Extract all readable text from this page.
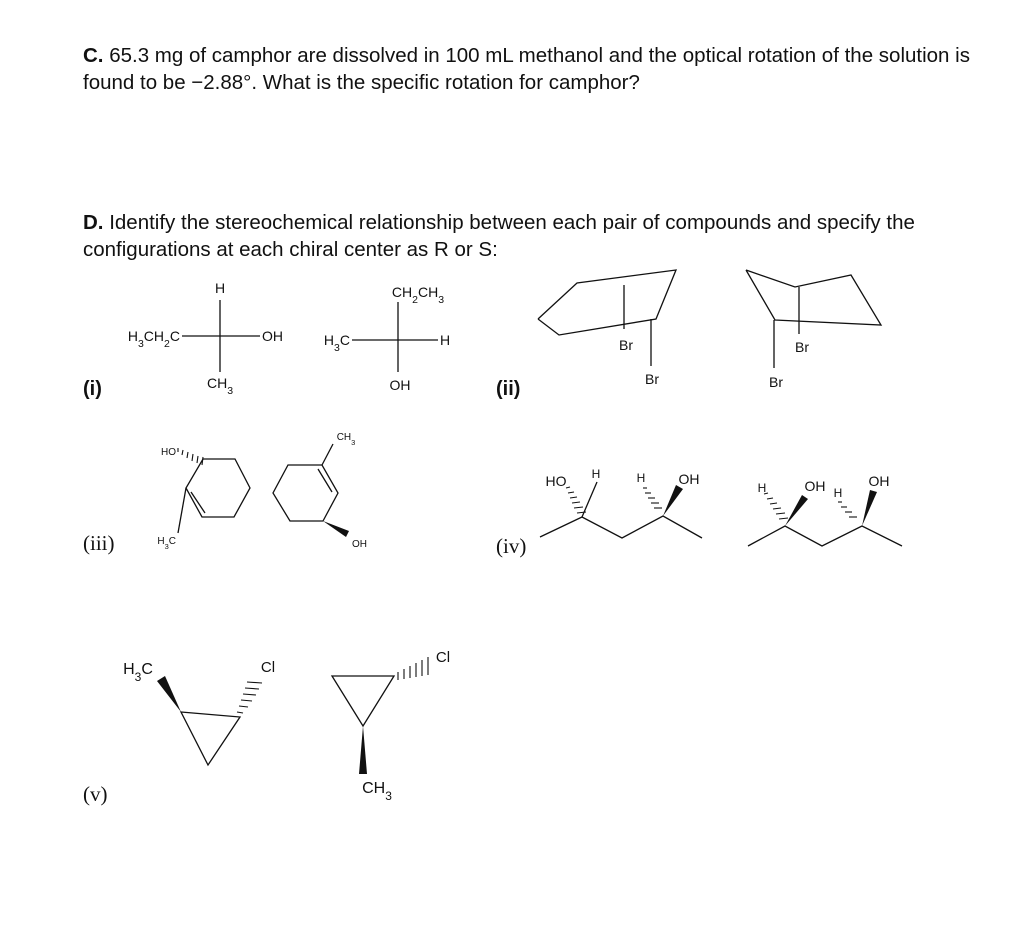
C. 65.3 mg of camphor are dissolved in 100 mL methanol and the optical rotation of the solution is found to be −2.88°. What is the specific rotation for camphor?
D. Identify the stereochemical relationship between each pair of compounds and specify the configurations at each chiral center as R or S:
(i)	(ii)
(iii)	(iv)
(v)
H
$H_3CH_2C$	OH
$CH_3$
$CH_2CH_3$
$H_3C$	H
OH
Br
Br
Br
Br
HO
$H_3C$
$CH_3$
OH
HO H	H OH
H	OH H
OH
$H_3C$	Cl
Cl
$CH_3$
